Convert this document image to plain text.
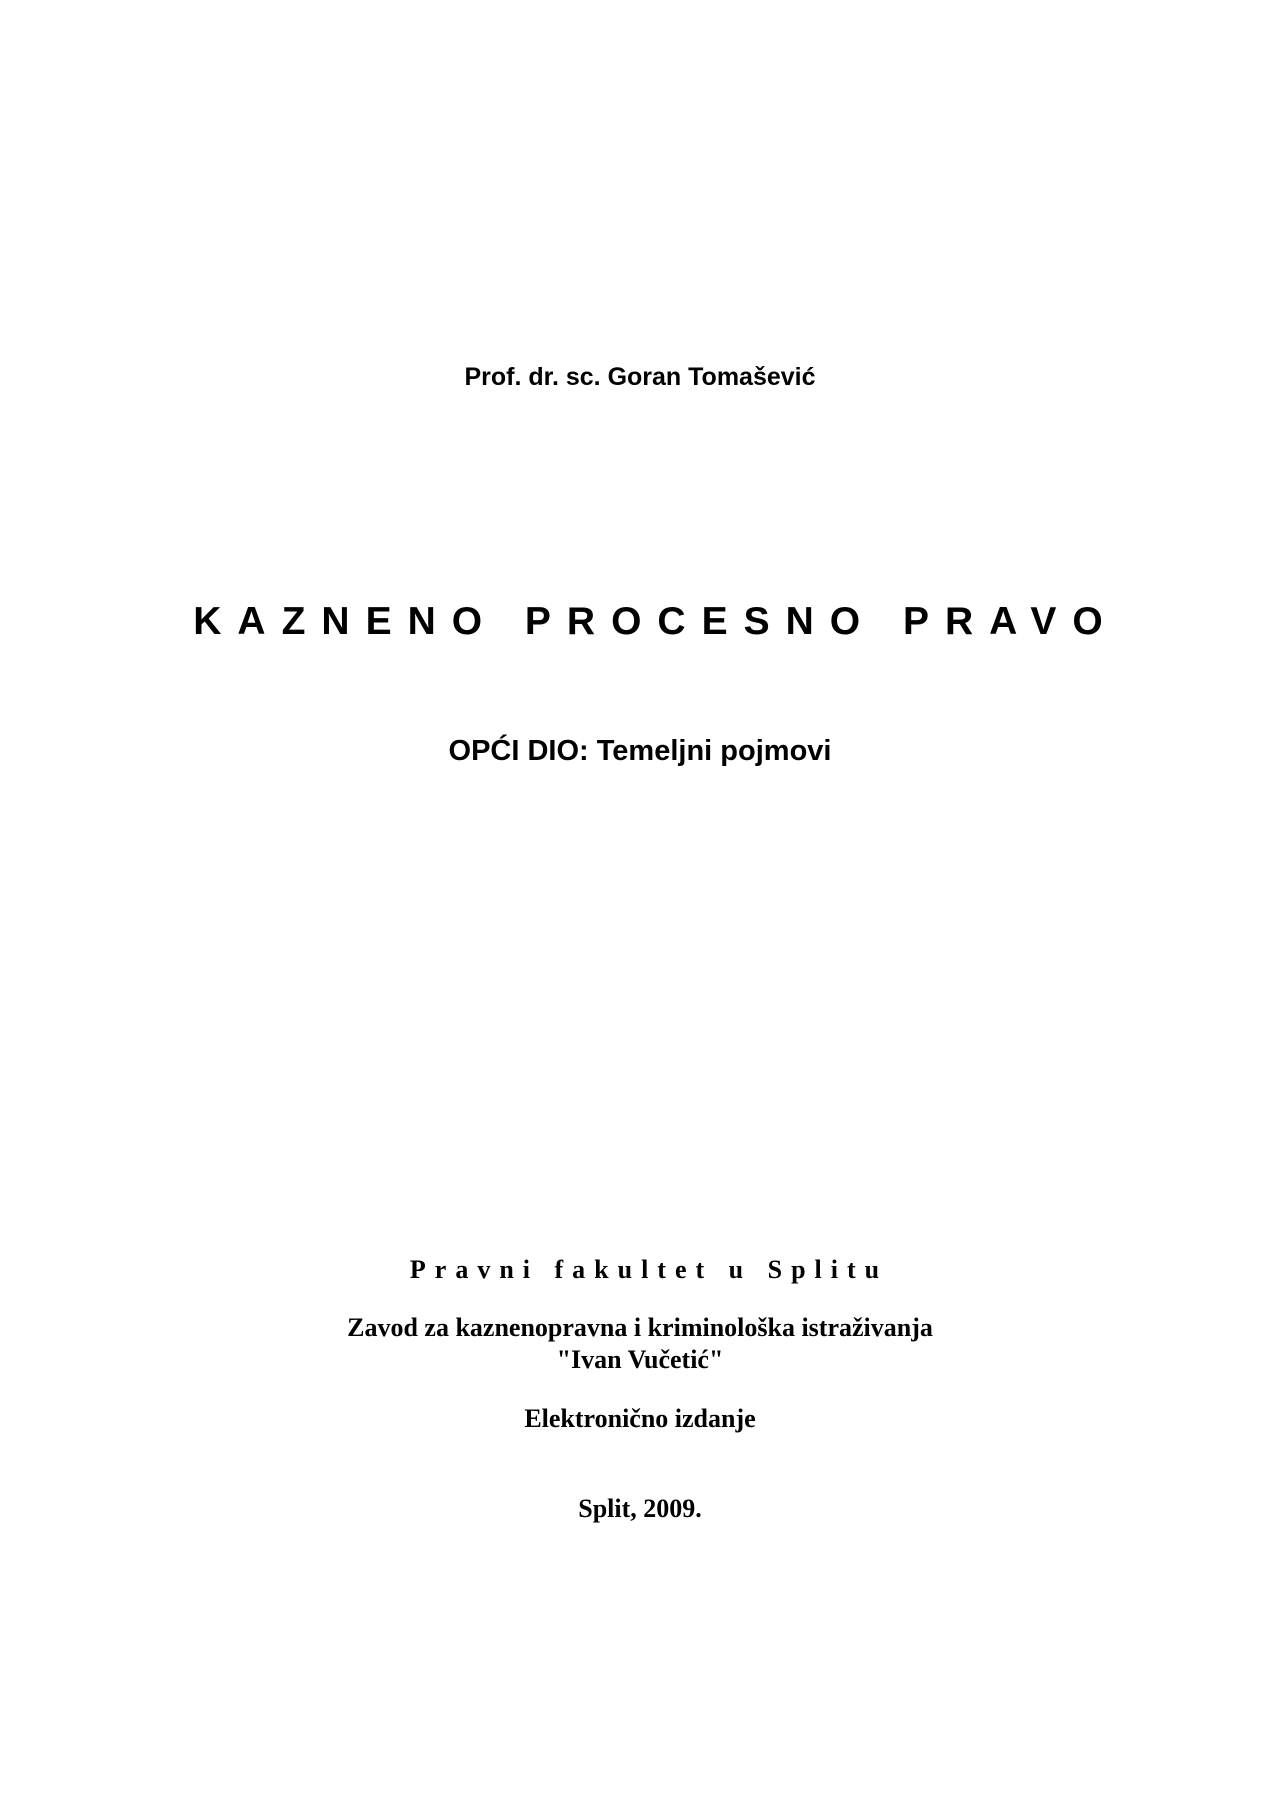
Prof. dr. sc. Goran Tomašević
KAZNENO PROCESNO PRAVO
OPĆI DIO: Temeljni pojmovi
Pravni fakultet u Splitu
Zavod za kaznenopravna i kriminološka istraživanja
"Ivan Vučetić"
Elektronično izdanje
Split, 2009.
